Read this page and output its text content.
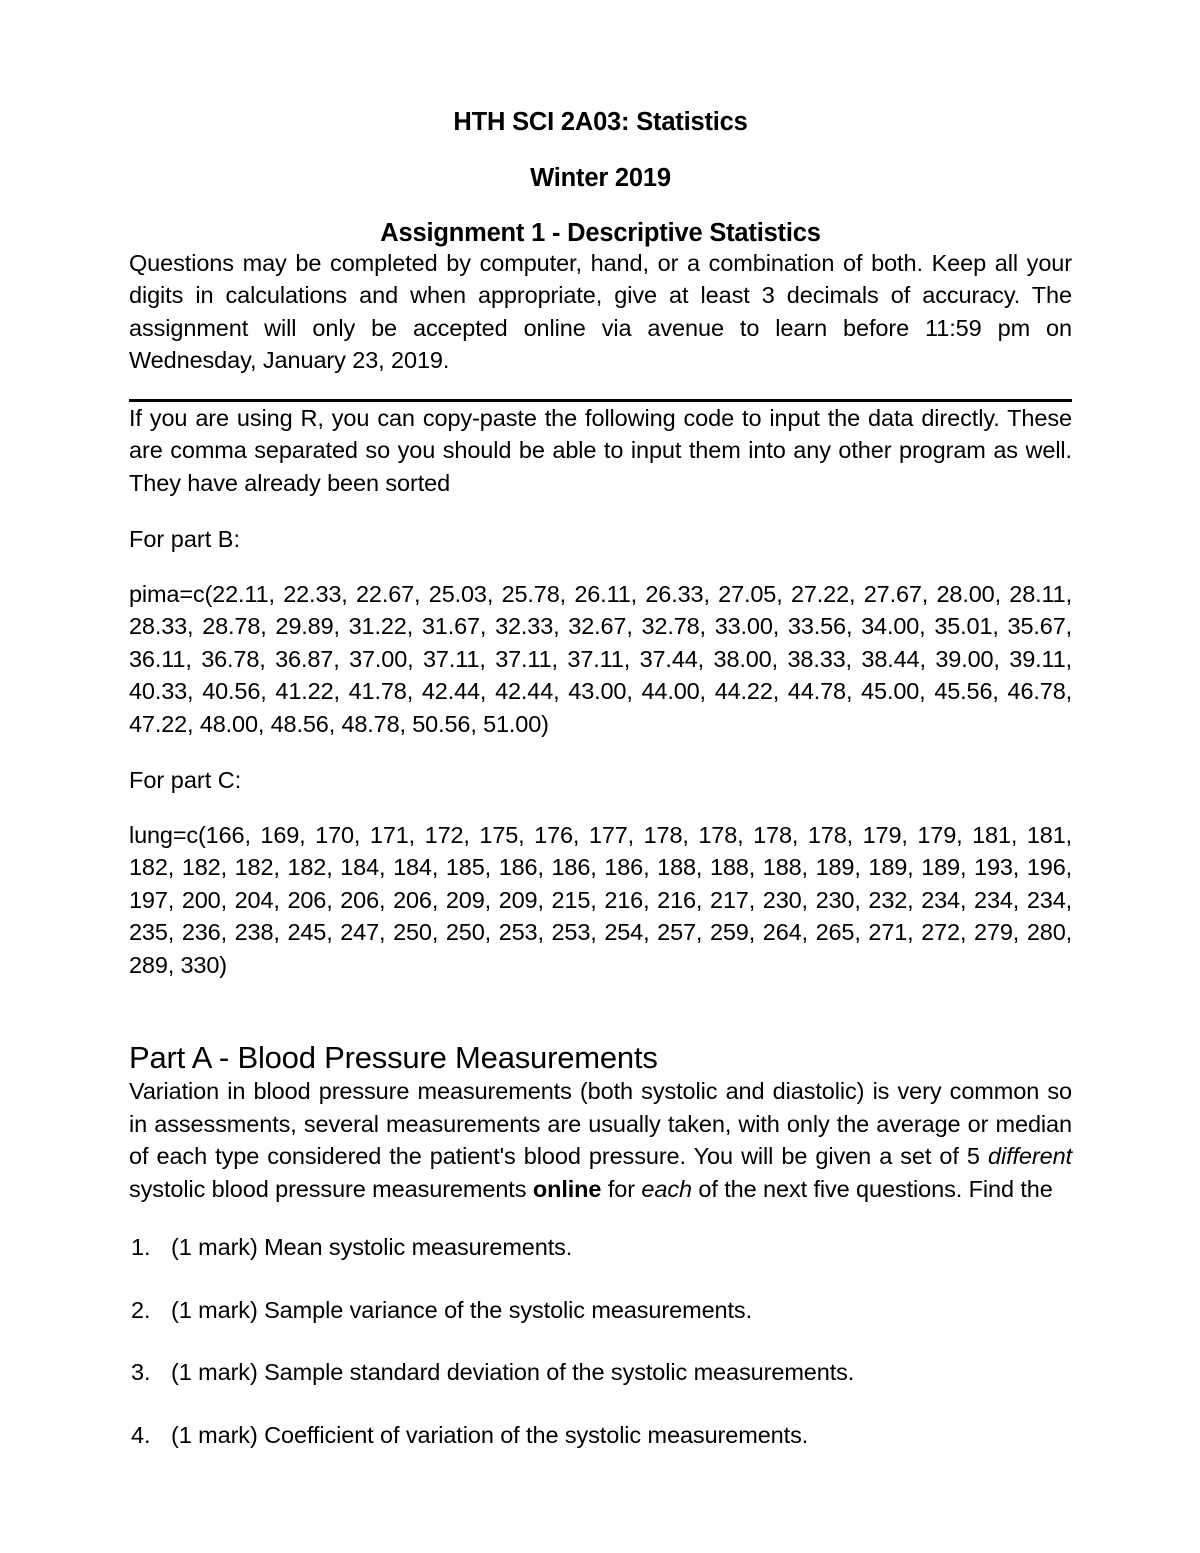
HTH SCI 2A03: Statistics
Winter 2019
Assignment 1 - Descriptive Statistics

Questions may be completed by computer, hand, or a combination of both. Keep all your digits in calculations and when appropriate, give at least 3 decimals of accuracy. The assignment will only be accepted online via avenue to learn before 11:59 pm on Wednesday, January 23, 2019.

If you are using R, you can copy-paste the following code to input the data directly. These are comma separated so you should be able to input them into any other program as well. They have already been sorted

For part B:

pima=c(22.11, 22.33, 22.67, 25.03, 25.78, 26.11, 26.33, 27.05, 27.22, 27.67, 28.00, 28.11, 28.33, 28.78, 29.89, 31.22, 31.67, 32.33, 32.67, 32.78, 33.00, 33.56, 34.00, 35.01, 35.67, 36.11, 36.78, 36.87, 37.00, 37.11, 37.11, 37.11, 37.44, 38.00, 38.33, 38.44, 39.00, 39.11, 40.33, 40.56, 41.22, 41.78, 42.44, 42.44, 43.00, 44.00, 44.22, 44.78, 45.00, 45.56, 46.78, 47.22, 48.00, 48.56, 48.78, 50.56, 51.00)

For part C:

lung=c(166, 169, 170, 171, 172, 175, 176, 177, 178, 178, 178, 178, 179, 179, 181, 181, 182, 182, 182, 182, 184, 184, 185, 186, 186, 186, 188, 188, 188, 189, 189, 189, 193, 196, 197, 200, 204, 206, 206, 206, 209, 209, 215, 216, 216, 217, 230, 230, 232, 234, 234, 234, 235, 236, 238, 245, 247, 250, 250, 253, 253, 254, 257, 259, 264, 265, 271, 272, 279, 280, 289, 330)

Part A - Blood Pressure Measurements

Variation in blood pressure measurements (both systolic and diastolic) is very common so in assessments, several measurements are usually taken, with only the average or median of each type considered the patient's blood pressure. You will be given a set of 5 different systolic blood pressure measurements online for each of the next five questions. Find the

(1 mark) Mean systolic measurements.
(1 mark) Sample variance of the systolic measurements.
(1 mark) Sample standard deviation of the systolic measurements.
(1 mark) Coefficient of variation of the systolic measurements.
